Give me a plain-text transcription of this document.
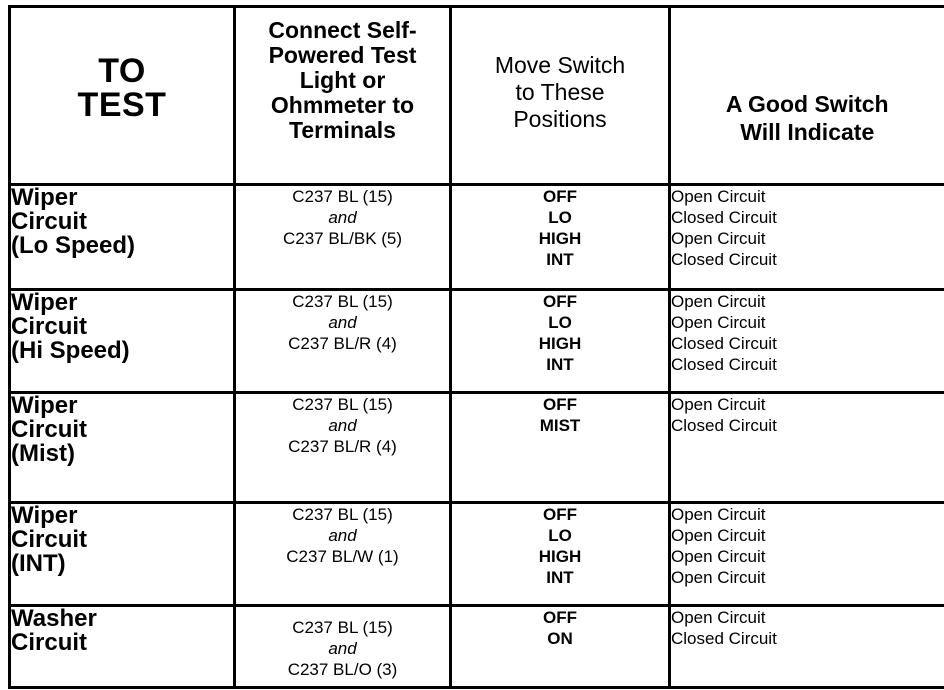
TO
TEST	Connect Self-
Powered Test
Light or
Ohmmeter to
Terminals	Move Switch
to These
Positions	A Good Switch
Will Indicate

Wiper
Circuit
(Lo Speed)	C237 BL (15)
and
C237 BL/BK (5)	OFF
LO
HIGH
INT	Open Circuit
Closed Circuit
Open Circuit
Closed Circuit

Wiper
Circuit
(Hi Speed)	C237 BL (15)
and
C237 BL/R (4)	OFF
LO
HIGH
INT	Open Circuit
Open Circuit
Closed Circuit
Closed Circuit

Wiper
Circuit
(Mist)	C237 BL (15)
and
C237 BL/R (4)	OFF
MIST	Open Circuit
Closed Circuit

Wiper
Circuit
(INT)	C237 BL (15)
and
C237 BL/W (1)	OFF
LO
HIGH
INT	Open Circuit
Open Circuit
Open Circuit
Open Circuit

Washer
Circuit	C237 BL (15)
and
C237 BL/O (3)	OFF
ON	Open Circuit
Closed Circuit
